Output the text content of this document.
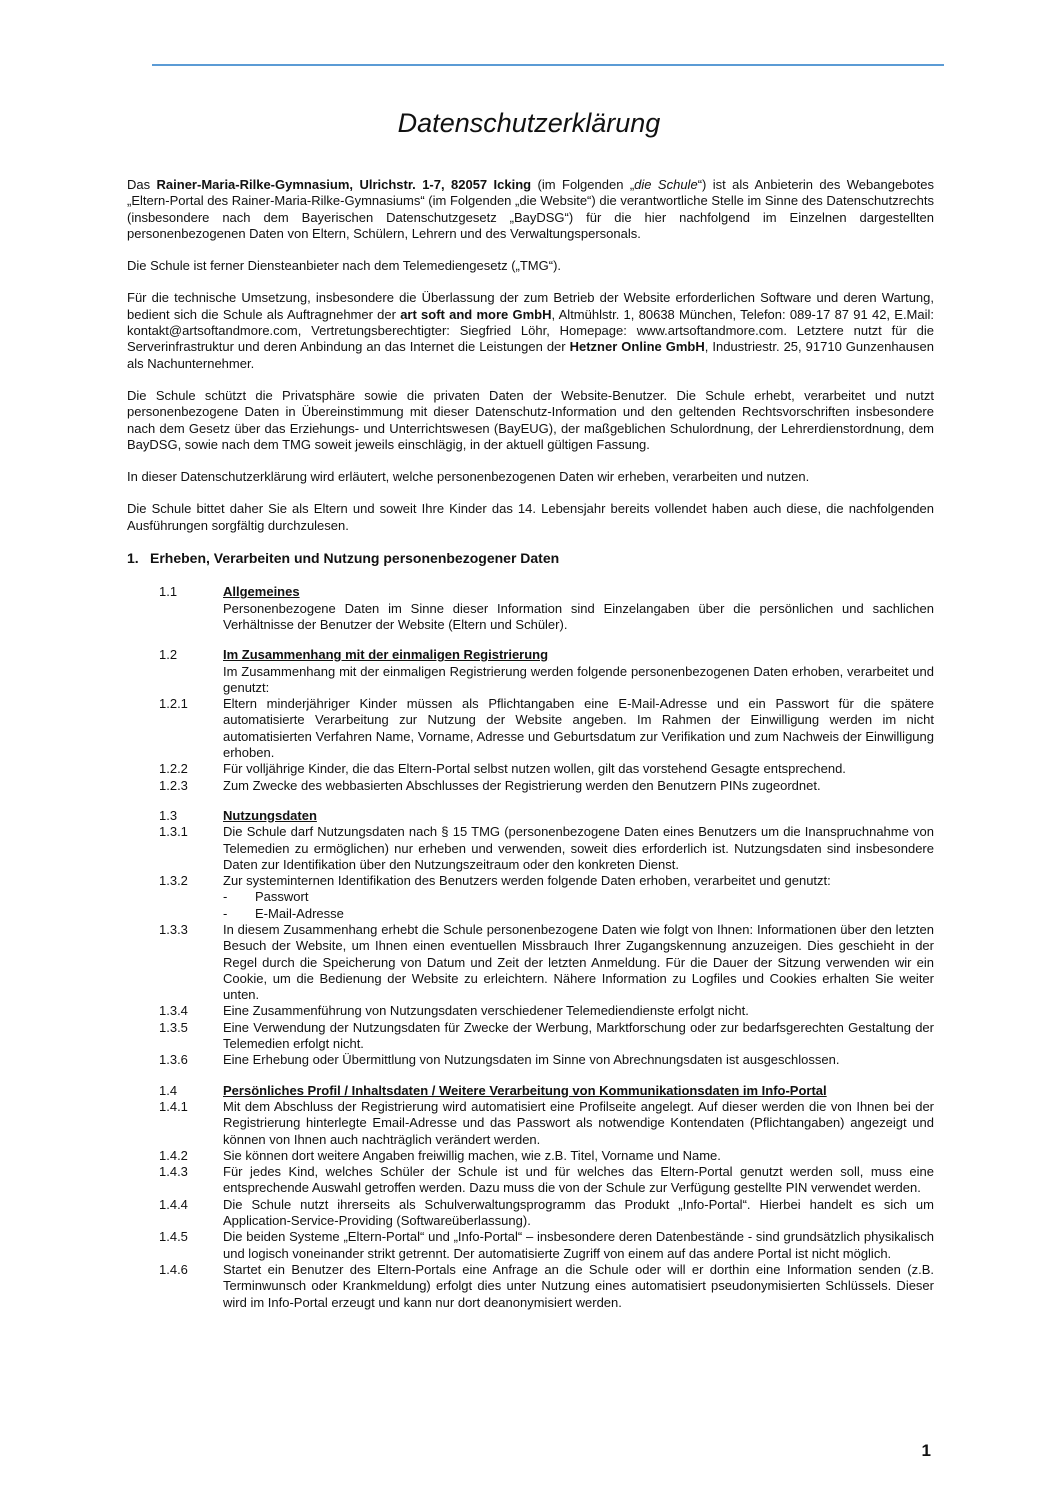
Datenschutzerklärung

Das Rainer-Maria-Rilke-Gymnasium, Ulrichstr. 1-7, 82057 Icking (im Folgenden „die Schule“) ist als Anbieterin des Webangebotes „Eltern-Portal des Rainer-Maria-Rilke-Gymnasiums“ (im Folgenden „die Website“) die verantwortliche Stelle im Sinne des Datenschutzrechts (insbesondere nach dem Bayerischen Datenschutzgesetz „BayDSG“) für die hier nachfolgend im Einzelnen dargestellten personenbezogenen Daten von Eltern, Schülern, Lehrern und des Verwaltungspersonals.

Die Schule ist ferner Diensteanbieter nach dem Telemediengesetz („TMG“).

Für die technische Umsetzung, insbesondere die Überlassung der zum Betrieb der Website erforderlichen Software und deren Wartung, bedient sich die Schule als Auftragnehmer der art soft and more GmbH, Altmühlstr. 1, 80638 München, Telefon: 089-17 87 91 42, E.Mail: kontakt@artsoftandmore.com, Vertretungsberechtigter: Siegfried Löhr, Homepage: www.artsoftandmore.com. Letztere nutzt für die Serverinfrastruktur und deren Anbindung an das Internet die Leistungen der Hetzner Online GmbH, Industriestr. 25, 91710 Gunzenhausen als Nachunternehmer.

Die Schule schützt die Privatsphäre sowie die privaten Daten der Website-Benutzer. Die Schule erhebt, verarbeitet und nutzt personenbezogene Daten in Übereinstimmung mit dieser Datenschutz-Information und den geltenden Rechtsvorschriften insbesondere nach dem Gesetz über das Erziehungs- und Unterrichtswesen (BayEUG), der maßgeblichen Schulordnung, der Lehrerdienstordnung, dem BayDSG, sowie nach dem TMG soweit jeweils einschlägig, in der aktuell gültigen Fassung.

In dieser Datenschutzerklärung wird erläutert, welche personenbezogenen Daten wir erheben, verarbeiten und nutzen.

Die Schule bittet daher Sie als Eltern und soweit Ihre Kinder das 14. Lebensjahr bereits vollendet haben auch diese, die nachfolgenden Ausführungen sorgfältig durchzulesen.

1. Erheben, Verarbeiten und Nutzung personenbezogener Daten
1.1	Allgemeines
Personenbezogene Daten im Sinne dieser Information sind Einzelangaben über die persönlichen und sachlichen Verhältnisse der Benutzer der Website (Eltern und Schüler).
1.2	Im Zusammenhang mit der einmaligen Registrierung
Im Zusammenhang mit der einmaligen Registrierung werden folgende personenbezogenen Daten erhoben, verarbeitet und genutzt:
1.2.1	Eltern minderjähriger Kinder müssen als Pflichtangaben eine E-Mail-Adresse und ein Passwort für die spätere automatisierte Verarbeitung zur Nutzung der Website angeben. Im Rahmen der Einwilligung werden im nicht automatisierten Verfahren Name, Vorname, Adresse und Geburtsdatum zur Verifikation und zum Nachweis der Einwilligung erhoben.
1.2.2	Für volljährige Kinder, die das Eltern-Portal selbst nutzen wollen, gilt das vorstehend Gesagte entsprechend.
1.2.3	Zum Zwecke des webbasierten Abschlusses der Registrierung werden den Benutzern PINs zugeordnet.
1.3	Nutzungsdaten
1.3.1	Die Schule darf Nutzungsdaten nach § 15 TMG (personenbezogene Daten eines Benutzers um die Inanspruchnahme von Telemedien zu ermöglichen) nur erheben und verwenden, soweit dies erforderlich ist. Nutzungsdaten sind insbesondere Daten zur Identifikation über den Nutzungszeitraum oder den konkreten Dienst.
1.3.2	Zur systeminternen Identifikation des Benutzers werden folgende Daten erhoben, verarbeitet und genutzt:
-	Passwort
-	E-Mail-Adresse
1.3.3	In diesem Zusammenhang erhebt die Schule personenbezogene Daten wie folgt von Ihnen: Informationen über den letzten Besuch der Website, um Ihnen einen eventuellen Missbrauch Ihrer Zugangskennung anzuzeigen. Dies geschieht in der Regel durch die Speicherung von Datum und Zeit der letzten Anmeldung. Für die Dauer der Sitzung verwenden wir ein Cookie, um die Bedienung der Website zu erleichtern. Nähere Information zu Logfiles und Cookies erhalten Sie weiter unten.
1.3.4	Eine Zusammenführung von Nutzungsdaten verschiedener Telemediendienste erfolgt nicht.
1.3.5	Eine Verwendung der Nutzungsdaten für Zwecke der Werbung, Marktforschung oder zur bedarfsgerechten Gestaltung der Telemedien erfolgt nicht.
1.3.6	Eine Erhebung oder Übermittlung von Nutzungsdaten im Sinne von Abrechnungsdaten ist ausgeschlossen.
1.4	Persönliches Profil / Inhaltsdaten / Weitere Verarbeitung von Kommunikationsdaten im Info-Portal
1.4.1	Mit dem Abschluss der Registrierung wird automatisiert eine Profilseite angelegt. Auf dieser werden die von Ihnen bei der Registrierung hinterlegte Email-Adresse und das Passwort als notwendige Kontendaten (Pflichtangaben) angezeigt und können von Ihnen auch nachträglich verändert werden.
1.4.2	Sie können dort weitere Angaben freiwillig machen, wie z.B. Titel, Vorname und Name.
1.4.3	Für jedes Kind, welches Schüler der Schule ist und für welches das Eltern-Portal genutzt werden soll, muss eine entsprechende Auswahl getroffen werden. Dazu muss die von der Schule zur Verfügung gestellte PIN verwendet werden.
1.4.4	Die Schule nutzt ihrerseits als Schulverwaltungsprogramm das Produkt „Info-Portal“. Hierbei handelt es sich um Application-Service-Providing (Softwareüberlassung).
1.4.5	Die beiden Systeme „Eltern-Portal“ und „Info-Portal“ – insbesondere deren Datenbestände - sind grundsätzlich physikalisch und logisch voneinander strikt getrennt. Der automatisierte Zugriff von einem auf das andere Portal ist nicht möglich.
1.4.6	Startet ein Benutzer des Eltern-Portals eine Anfrage an die Schule oder will er dorthin eine Information senden (z.B. Terminwunsch oder Krankmeldung) erfolgt dies unter Nutzung eines automatisiert pseudonymisierten Schlüssels. Dieser wird im Info-Portal erzeugt und kann nur dort deanonymisiert werden.
1
